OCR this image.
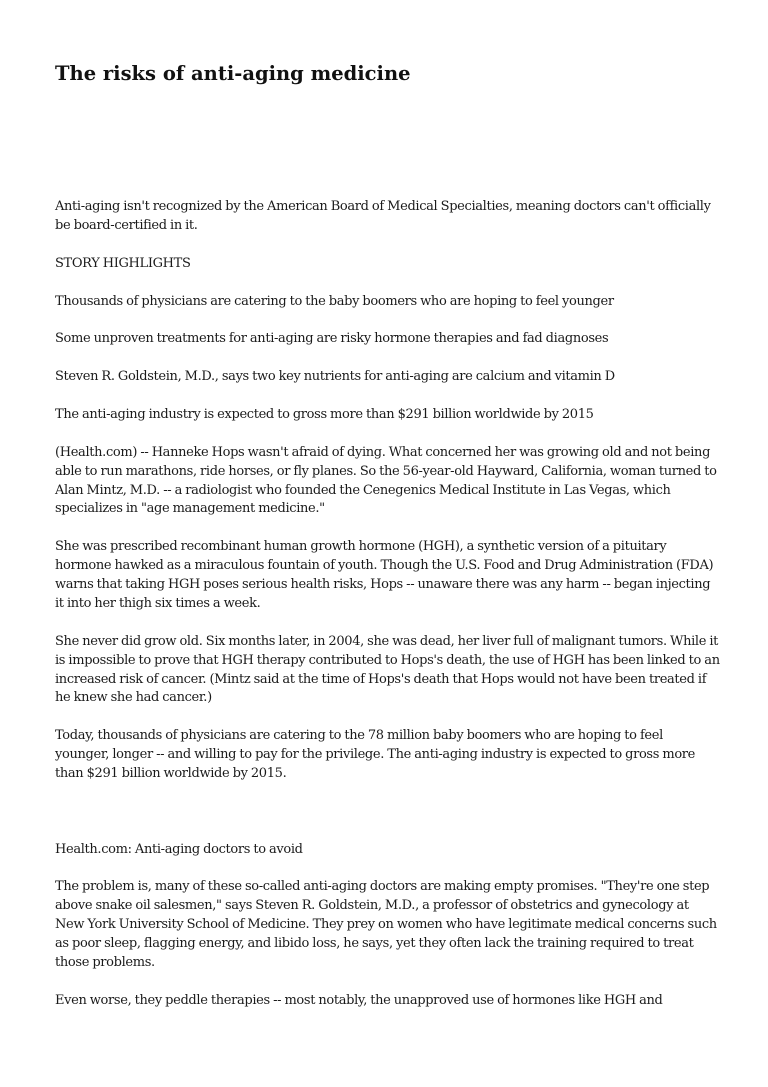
The risks of anti-aging medicine

Anti-aging isn't recognized by the American Board of Medical Specialties, meaning doctors can't officially be board-certified in it.

STORY HIGHLIGHTS

Thousands of physicians are catering to the baby boomers who are hoping to feel younger

Some unproven treatments for anti-aging are risky hormone therapies and fad diagnoses

Steven R. Goldstein, M.D., says two key nutrients for anti-aging are calcium and vitamin D

The anti-aging industry is expected to gross more than $291 billion worldwide by 2015

(Health.com) -- Hanneke Hops wasn't afraid of dying. What concerned her was growing old and not being able to run marathons, ride horses, or fly planes. So the 56-year-old Hayward, California, woman turned to Alan Mintz, M.D. -- a radiologist who founded the Cenegenics Medical Institute in Las Vegas, which specializes in "age management medicine."

She was prescribed recombinant human growth hormone (HGH), a synthetic version of a pituitary hormone hawked as a miraculous fountain of youth. Though the U.S. Food and Drug Administration (FDA) warns that taking HGH poses serious health risks, Hops -- unaware there was any harm -- began injecting it into her thigh six times a week.

She never did grow old. Six months later, in 2004, she was dead, her liver full of malignant tumors. While it is impossible to prove that HGH therapy contributed to Hops's death, the use of HGH has been linked to an increased risk of cancer. (Mintz said at the time of Hops's death that Hops would not have been treated if he knew she had cancer.)

Today, thousands of physicians are catering to the 78 million baby boomers who are hoping to feel younger, longer -- and willing to pay for the privilege. The anti-aging industry is expected to gross more than $291 billion worldwide by 2015.

Health.com: Anti-aging doctors to avoid

The problem is, many of these so-called anti-aging doctors are making empty promises. "They're one step above snake oil salesmen," says Steven R. Goldstein, M.D., a professor of obstetrics and gynecology at New York University School of Medicine. They prey on women who have legitimate medical concerns such as poor sleep, flagging energy, and libido loss, he says, yet they often lack the training required to treat those problems.

Even worse, they peddle therapies -- most notably, the unapproved use of hormones like HGH and
